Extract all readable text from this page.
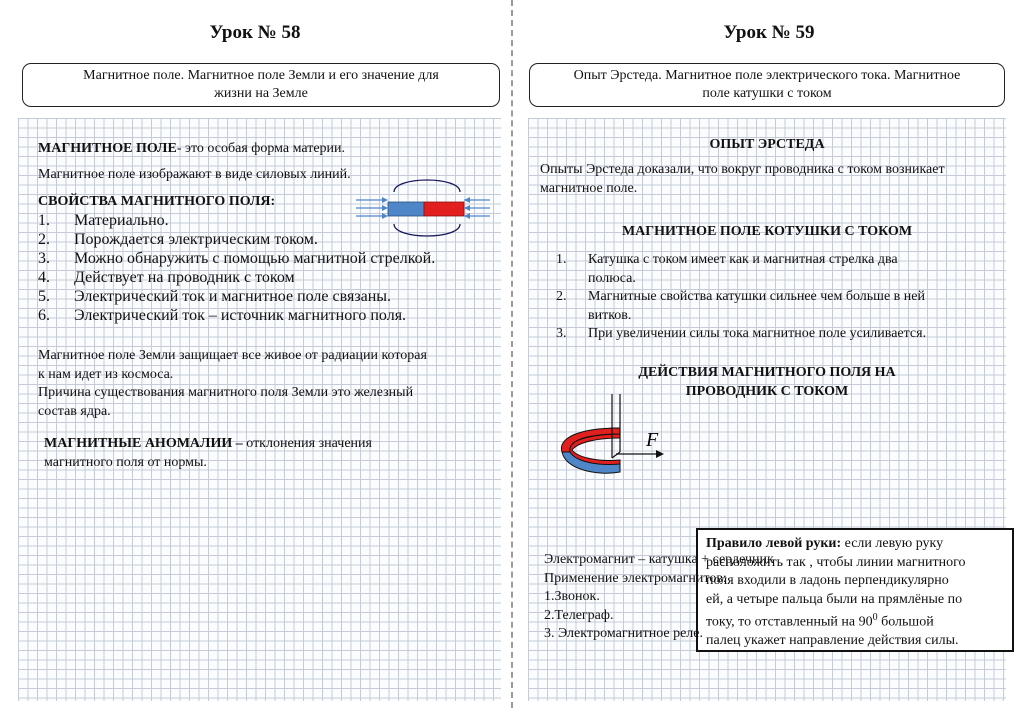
Урок № 58
Магнитное поле. Магнитное поле Земли и его значение для
жизни на Земле
МАГНИТНОЕ ПОЛЕ- это особая форма материи.
Магнитное поле изображают в виде силовых линий.
СВОЙСТВА МАГНИТНОГО ПОЛЯ:
1. Материально.
2. Порождается электрическим током.
3. Можно обнаружить с помощью магнитной стрелкой.
4. Действует на проводник с током
5. Электрический ток и магнитное поле связаны.
6. Электрический ток – источник магнитного поля.
Магнитное поле Земли защищает все живое от радиации которая
к нам идет из космоса.
Причина существования магнитного поля Земли это железный
состав ядра.
МАГНИТНЫЕ АНОМАЛИИ – отклонения значения
магнитного поля от нормы.
Урок № 59
Опыт Эрстеда. Магнитное поле электрического тока. Магнитное
поле катушки с током
ОПЫТ ЭРСТЕДА
Опыты Эрстеда доказали, что вокруг проводника с током возникает
магнитное поле.
МАГНИТНОЕ ПОЛЕ КОТУШКИ С ТОКОМ
1. Катушка с током имеет как и магнитная стрелка два
полюса.
2. Магнитные свойства катушки сильнее чем больше в ней
витков.
3. При увеличении силы тока магнитное поле усиливается.
ДЕЙСТВИЯ МАГНИТНОГО ПОЛЯ НА
ПРОВОДНИК С ТОКОМ
F
Правило левой руки: если левую руку
расположить так , чтобы линии магнитного
поля входили в ладонь перпендикулярно
ей, а четыре пальца были на прямлёные по
току, то отставленный на $90^0$ большой
палец укажет направление действия силы.
Электромагнит – катушка + сердечник
Применение электромагнитов:
1.Звонок.
2.Телеграф.
3. Электромагнитное реле.
